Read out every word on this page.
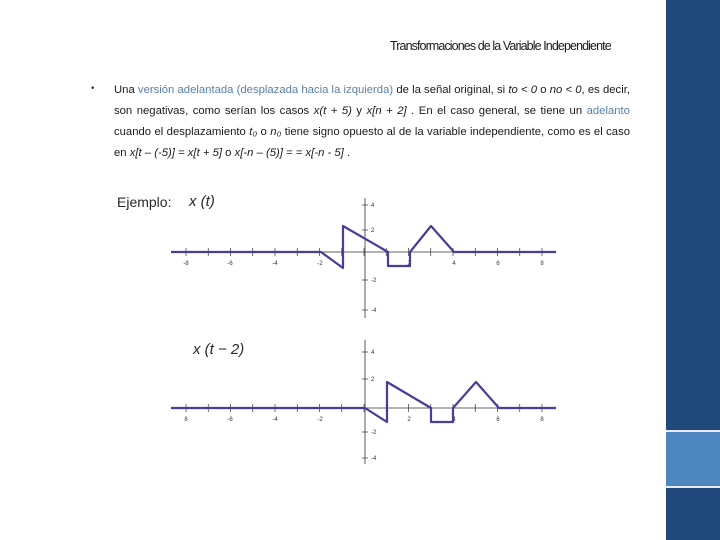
Transformaciones de la Variable Independiente
• Una versión adelantada (desplazada hacia la izquierda) de la señal original, si to < 0 o no < 0, es decir, son negativas, como serían los casos x(t + 5) y x[n + 2] . En el caso general, se tiene un adelanto cuando el desplazamiento t₀ o n₀ tiene signo opuesto al de la variable independiente, como es el caso en x[t – (-5)] = x[t + 5] o x[-n – (5)] = = x[-n - 5] .
Ejemplo: x (t)
x (t − 2)
-8	-6	-4	-2	2	4	6	8
4
2
-2
-4
8	-6	-4	-2	2	4	6	8
4
2
-2
-4
